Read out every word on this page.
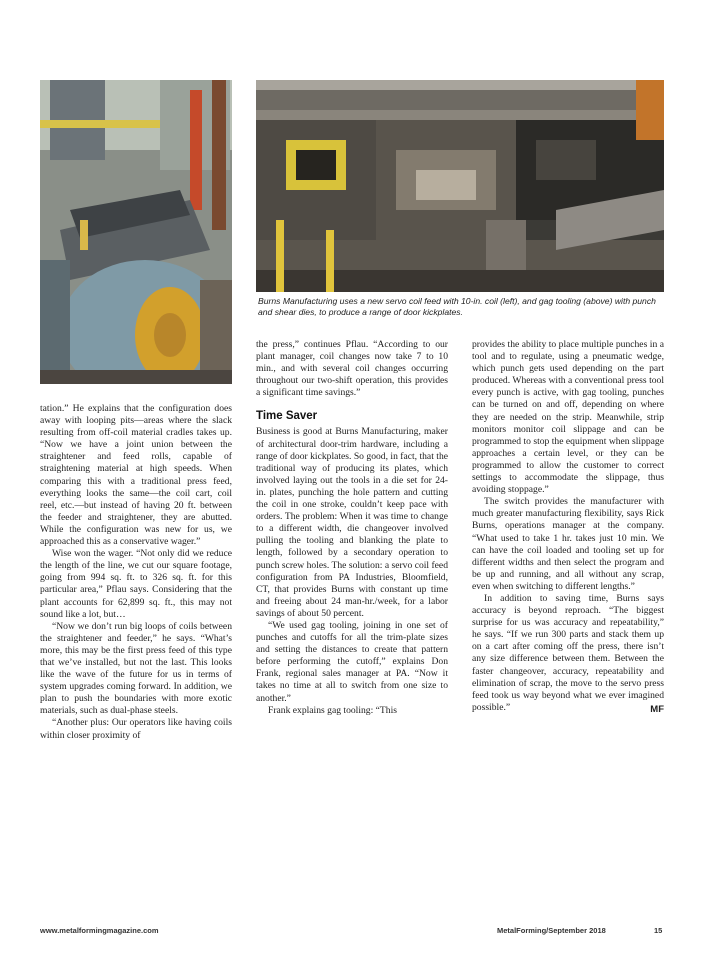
Burns Manufacturing uses a new servo coil feed with 10-in. coil (left), and gag tooling (above) with punch and shear dies, to produce a range of door kickplates.

tation.” He explains that the configuration does away with looping pits—areas where the slack resulting from off-coil material cradles takes up. “Now we have a joint union between the straightener and feed rolls, capable of straightening material at high speeds. When comparing this with a traditional press feed, everything looks the same—the coil cart, coil reel, etc.—but instead of having 20 ft. between the feeder and straightener, they are abutted. While the configuration was new for us, we approached this as a conservative wager.”

Wise won the wager. “Not only did we reduce the length of the line, we cut our square footage, going from 994 sq. ft. to 326 sq. ft. for this particular area,” Pflau says. Considering that the plant accounts for 62,899 sq. ft., this may not sound like a lot, but…

“Now we don’t run big loops of coils between the straightener and feeder,” he says. “What’s more, this may be the first press feed of this type that we’ve installed, but not the last. This looks like the wave of the future for us in terms of system upgrades coming forward. In addition, we plan to push the boundaries with more exotic materials, such as dual-phase steels.

“Another plus: Our operators like having coils within closer proximity of

the press,” continues Pflau. “According to our plant manager, coil changes now take 7 to 10 min., and with several coil changes occurring throughout our two-shift operation, this provides a significant time savings.”

Time Saver

Business is good at Burns Manufacturing, maker of architectural door-trim hardware, including a range of door kickplates. So good, in fact, that the traditional way of producing its plates, which involved laying out the tools in a die set for 24-in. plates, punching the hole pattern and cutting the coil in one stroke, couldn’t keep pace with orders. The problem: When it was time to change to a different width, die changeover involved pulling the tooling and blanking the plate to length, followed by a secondary operation to punch screw holes. The solution: a servo coil feed configuration from PA Industries, Bloomfield, CT, that provides Burns with constant up time and freeing about 24 man-hr./week, for a labor savings of about 50 percent.

“We used gag tooling, joining in one set of punches and cutoffs for all the trim-plate sizes and setting the distances to create that pattern before performing the cutoff,” explains Don Frank, regional sales manager at PA. “Now it takes no time at all to switch from one size to another.”

Frank explains gag tooling: “This

provides the ability to place multiple punches in a tool and to regulate, using a pneumatic wedge, which punch gets used depending on the part produced. Whereas with a conventional press tool every punch is active, with gag tooling, punches can be turned on and off, depending on where they are needed on the strip. Meanwhile, strip monitors monitor coil slippage and can be programmed to stop the equipment when slippage approaches a certain level, or they can be programmed to allow the customer to correct settings to accommodate the slippage, thus avoiding stoppage.”

The switch provides the manufacturer with much greater manufacturing flexibility, says Rick Burns, operations manager at the company. “What used to take 1 hr. takes just 10 min. We can have the coil loaded and tooling set up for different widths and then select the program and be up and running, and all without any scrap, even when switching to different lengths.”

In addition to saving time, Burns says accuracy is beyond reproach. “The biggest surprise for us was accuracy and repeatability,” he says. “If we run 300 parts and stack them up on a cart after coming off the press, there isn’t any size difference between them. Between the faster changeover, accuracy, repeatability and elimination of scrap, the move to the servo press feed took us way beyond what we ever imagined possible.”	MF
www.metalformingmagazine.com	MetalForming/September 2018	15
